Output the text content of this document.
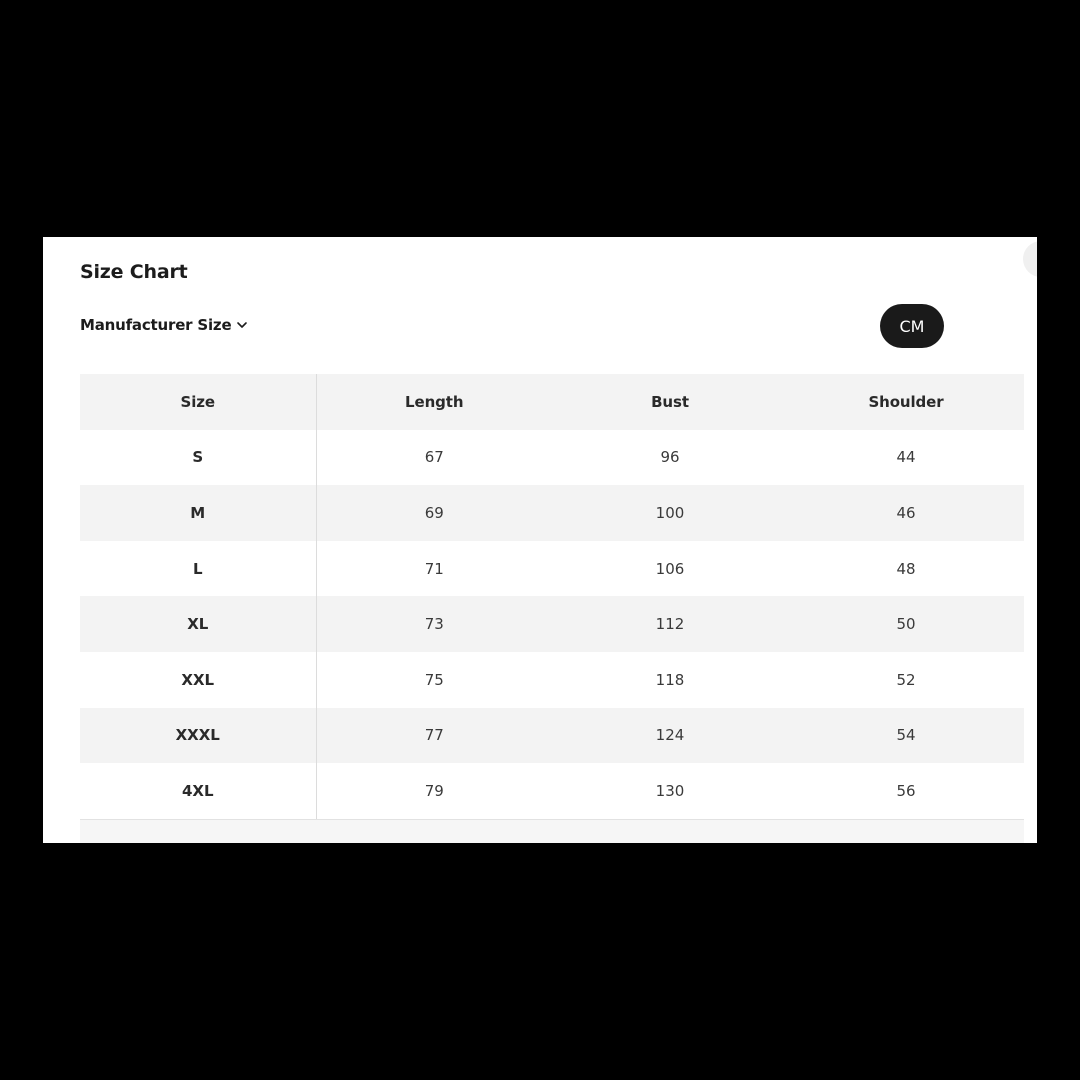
Size Chart
Manufacturer Size	CM
Size	Length	Bust	Shoulder
S	67	96	44
M	69	100	46
L	71	106	48
XL	73	112	50
XXL	75	118	52
XXXL	77	124	54
4XL	79	130	56
